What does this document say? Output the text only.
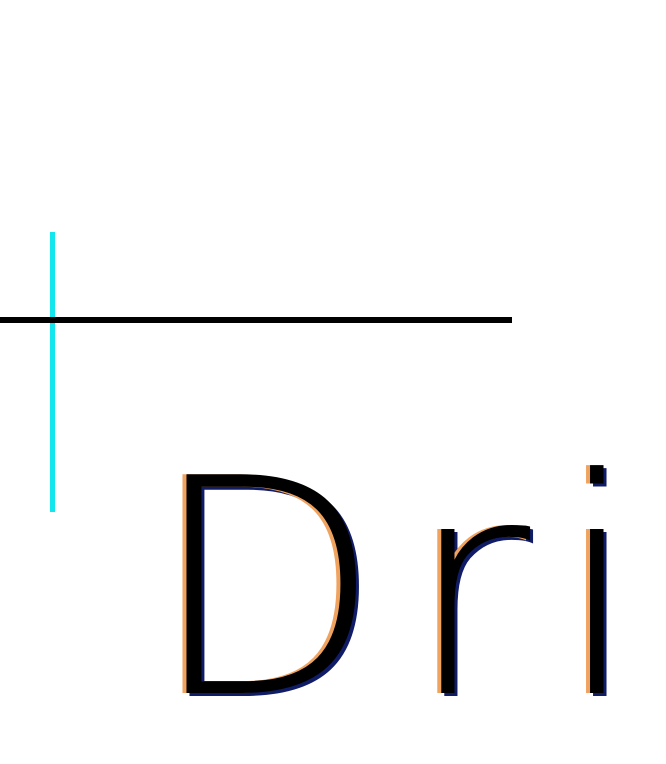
Dri
